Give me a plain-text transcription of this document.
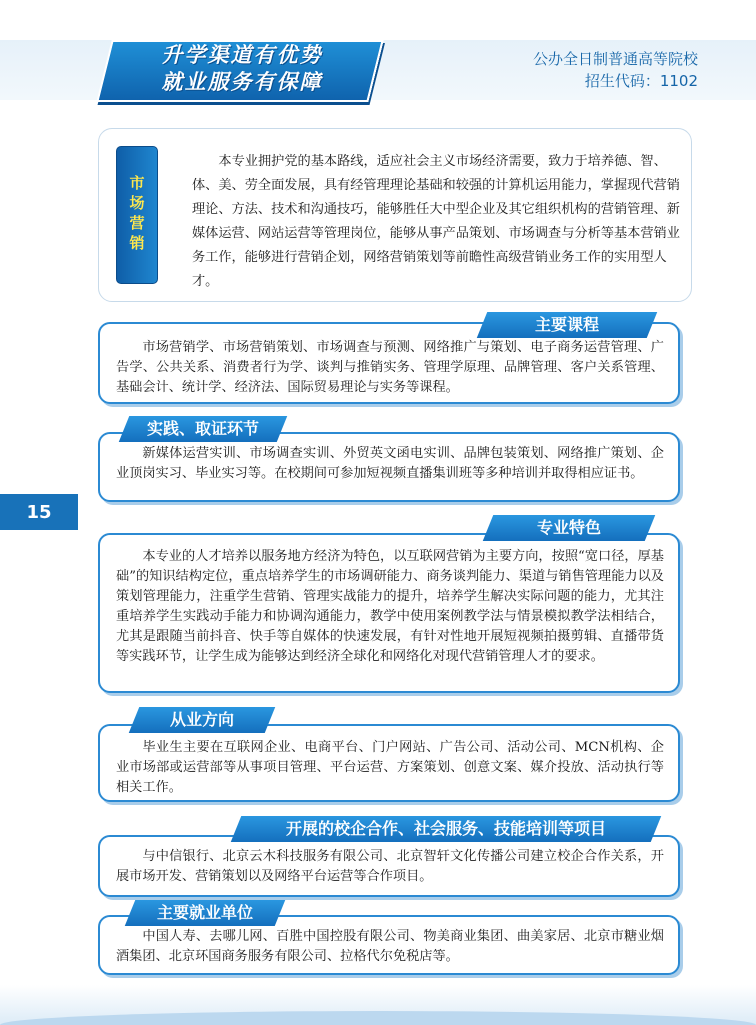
升学渠道有优势
就业服务有保障
公办全日制普通高等院校
招生代码：1102
15
市场营销

本专业拥护党的基本路线，适应社会主义市场经济需要，致力于培养德、智、体、美、劳全面发展，具有经管理理论基础和较强的计算机运用能力，掌握现代营销理论、方法、技术和沟通技巧，能够胜任大中型企业及其它组织机构的营销管理、新媒体运营、网站运营等管理岗位，能够从事产品策划、市场调查与分析等基本营销业务工作，能够进行营销企划，网络营销策划等前瞻性高级营销业务工作的实用型人才。

市场营销学、市场营销策划、市场调查与预测、网络推广与策划、电子商务运营管理、广告学、公共关系、消费者行为学、谈判与推销实务、管理学原理、品牌管理、客户关系管理、基础会计、统计学、经济法、国际贸易理论与实务等课程。

主要课程

新媒体运营实训、市场调查实训、外贸英文函电实训、品牌包装策划、网络推广策划、企业顶岗实习、毕业实习等。在校期间可参加短视频直播集训班等多种培训并取得相应证书。

实践、取证环节

本专业的人才培养以服务地方经济为特色，以互联网营销为主要方向，按照“宽口径，厚基础”的知识结构定位，重点培养学生的市场调研能力、商务谈判能力、渠道与销售管理能力以及策划管理能力，注重学生营销、管理实战能力的提升，培养学生解决实际问题的能力，尤其注重培养学生实践动手能力和协调沟通能力，教学中使用案例教学法与情景模拟教学法相结合，尤其是跟随当前抖音、快手等自媒体的快速发展，有针对性地开展短视频拍摄剪辑、直播带货等实践环节，让学生成为能够达到经济全球化和网络化对现代营销管理人才的要求。

专业特色

毕业生主要在互联网企业、电商平台、门户网站、广告公司、活动公司、MCN机构、企业市场部或运营部等从事项目管理、平台运营、方案策划、创意文案、媒介投放、活动执行等相关工作。

从业方向

与中信银行、北京云木科技服务有限公司、北京智轩文化传播公司建立校企合作关系，开展市场开发、营销策划以及网络平台运营等合作项目。

开展的校企合作、社会服务、技能培训等项目

中国人寿、去哪儿网、百胜中国控股有限公司、物美商业集团、曲美家居、北京市糖业烟酒集团、北京环国商务服务有限公司、拉格代尔免税店等。

主要就业单位
